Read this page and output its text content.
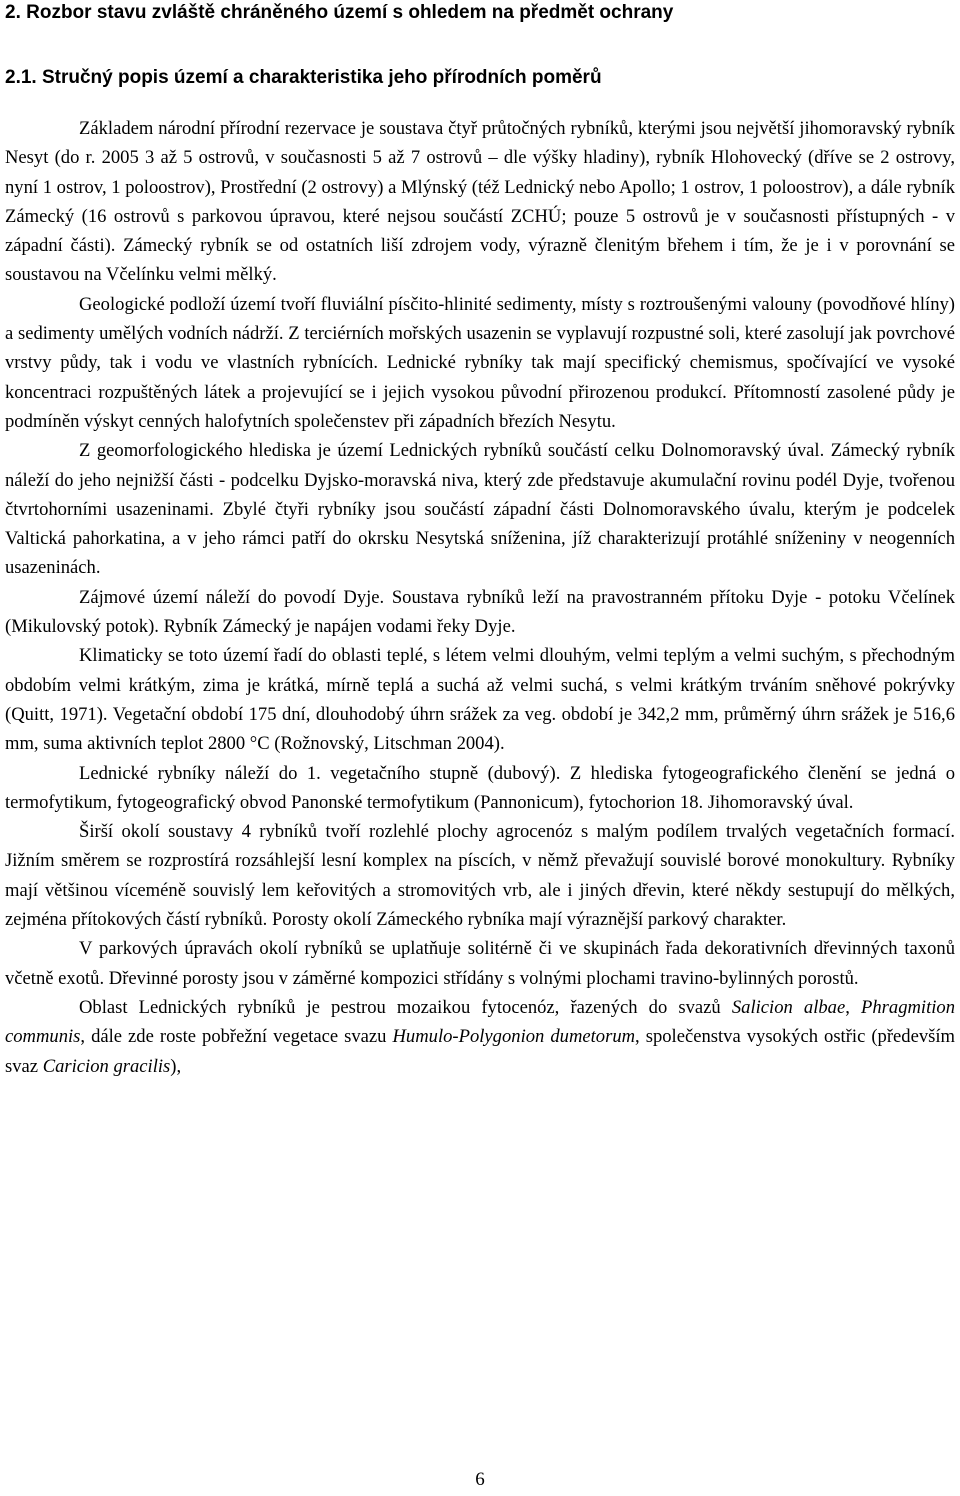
2. Rozbor stavu zvláště chráněného území s ohledem na předmět ochrany
2.1. Stručný popis území a charakteristika jeho přírodních poměrů

Základem národní přírodní rezervace je soustava čtyř průtočných rybníků, kterými jsou největší jihomoravský rybník Nesyt (do r. 2005 3 až 5 ostrovů, v současnosti 5 až 7 ostrovů – dle výšky hladiny), rybník Hlohovecký (dříve se 2 ostrovy, nyní 1 ostrov, 1 poloostrov), Prostřední (2 ostrovy) a Mlýnský (též Lednický nebo Apollo; 1 ostrov, 1 poloostrov), a dále rybník Zámecký (16 ostrovů s parkovou úpravou, které nejsou součástí ZCHÚ; pouze 5 ostrovů je v současnosti přístupných - v západní části). Zámecký rybník se od ostatních liší zdrojem vody, výrazně členitým břehem i tím, že je i v porovnání se soustavou na Včelínku velmi mělký.

Geologické podloží území tvoří fluviální písčito-hlinité sedimenty, místy s roztroušenými valouny (povodňové hlíny) a sedimenty umělých vodních nádrží. Z terciérních mořských usazenin se vyplavují rozpustné soli, které zasolují jak povrchové vrstvy půdy, tak i vodu ve vlastních rybnících. Lednické rybníky tak mají specifický chemismus, spočívající ve vysoké koncentraci rozpuštěných látek a projevující se i jejich vysokou původní přirozenou produkcí. Přítomností zasolené půdy je podmíněn výskyt cenných halofytních společenstev při západních březích Nesytu.

Z geomorfologického hlediska je území Lednických rybníků součástí celku Dolnomoravský úval. Zámecký rybník náleží do jeho nejnižší části - podcelku Dyjsko-moravská niva, který zde představuje akumulační rovinu podél Dyje, tvořenou čtvrtohorními usazeninami. Zbylé čtyři rybníky jsou součástí západní části Dolnomoravského úvalu, kterým je podcelek Valtická pahorkatina, a v jeho rámci patří do okrsku Nesytská sníženina, jíž charakterizují protáhlé sníženiny v neogenních usazeninách.

Zájmové území náleží do povodí Dyje. Soustava rybníků leží na pravostranném přítoku Dyje - potoku Včelínek (Mikulovský potok). Rybník Zámecký je napájen vodami řeky Dyje.

Klimaticky se toto území řadí do oblasti teplé, s létem velmi dlouhým, velmi teplým a velmi suchým, s přechodným obdobím velmi krátkým, zima je krátká, mírně teplá a suchá až velmi suchá, s velmi krátkým trváním sněhové pokrývky (Quitt, 1971). Vegetační období 175 dní, dlouhodobý úhrn srážek za veg. období je 342,2 mm, průměrný úhrn srážek je 516,6 mm, suma aktivních teplot 2800 °C (Rožnovský, Litschman 2004).

Lednické rybníky náleží do 1. vegetačního stupně (dubový). Z hlediska fytogeografického členění se jedná o termofytikum, fytogeografický obvod Panonské termofytikum (Pannonicum), fytochorion 18. Jihomoravský úval.

Širší okolí soustavy 4 rybníků tvoří rozlehlé plochy agrocenóz s malým podílem trvalých vegetačních formací. Jižním směrem se rozprostírá rozsáhlejší lesní komplex na píscích, v němž převažují souvislé borové monokultury. Rybníky mají většinou víceméně souvislý lem keřovitých a stromovitých vrb, ale i jiných dřevin, které někdy sestupují do mělkých, zejména přítokových částí rybníků. Porosty okolí Zámeckého rybníka mají výraznější parkový charakter.

V parkových úpravách okolí rybníků se uplatňuje solitérně či ve skupinách řada dekorativních dřevinných taxonů včetně exotů. Dřevinné porosty jsou v záměrné kompozici střídány s volnými plochami travino-bylinných porostů.

Oblast Lednických rybníků je pestrou mozaikou fytocenóz, řazených do svazů Salicion albae, Phragmition communis, dále zde roste pobřežní vegetace svazu Humulo-Polygonion dumetorum, společenstva vysokých ostřic (především svaz Caricion gracilis),

6
